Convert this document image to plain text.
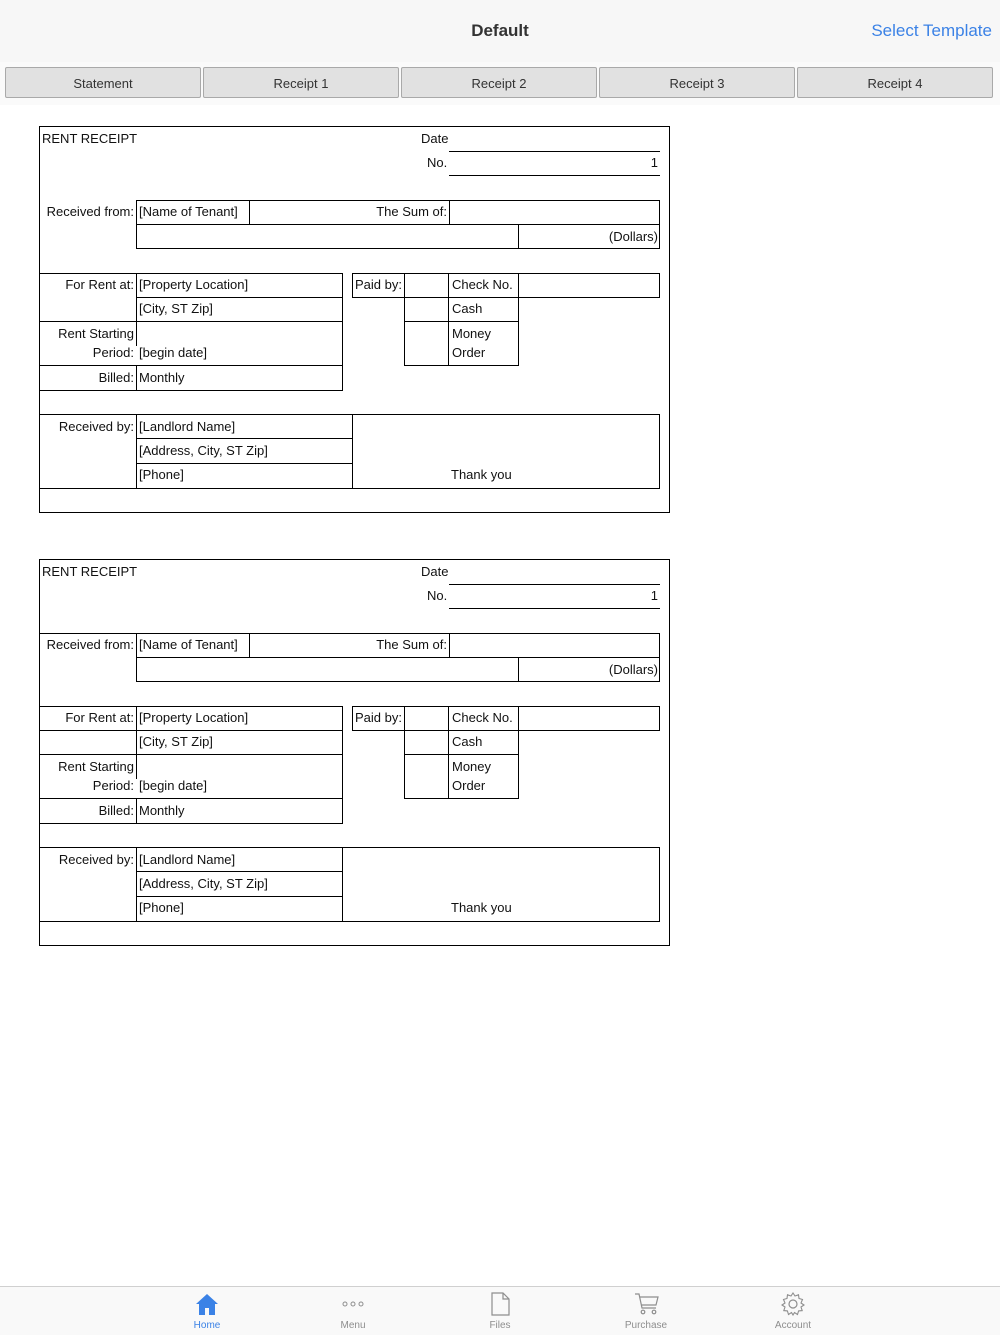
Default	Select Template
Statement	Receipt 1	Receipt 2	Receipt 3	Receipt 4
RENT RECEIPT	Date
No.	1
Received from: [Name of Tenant]	The Sum of:
(Dollars)
For Rent at: [Property Location]
[City, ST Zip]
Rent Starting
Period: [begin date]
Billed: Monthly
Paid by:	Check No.
Cash
Money
Order
Received by: [Landlord Name]
[Address, City, ST Zip]
[Phone]	Thank you
RENT RECEIPT	Date
No.	1
Received from: [Name of Tenant]	The Sum of:
(Dollars)
For Rent at: [Property Location]
[City, ST Zip]
Rent Starting
Period: [begin date]
Billed: Monthly
Paid by:	Check No.
Cash
Money
Order
Received by: [Landlord Name]
[Address, City, ST Zip]
[Phone]	Thank you
Home	Menu	Files	Purchase	Account
